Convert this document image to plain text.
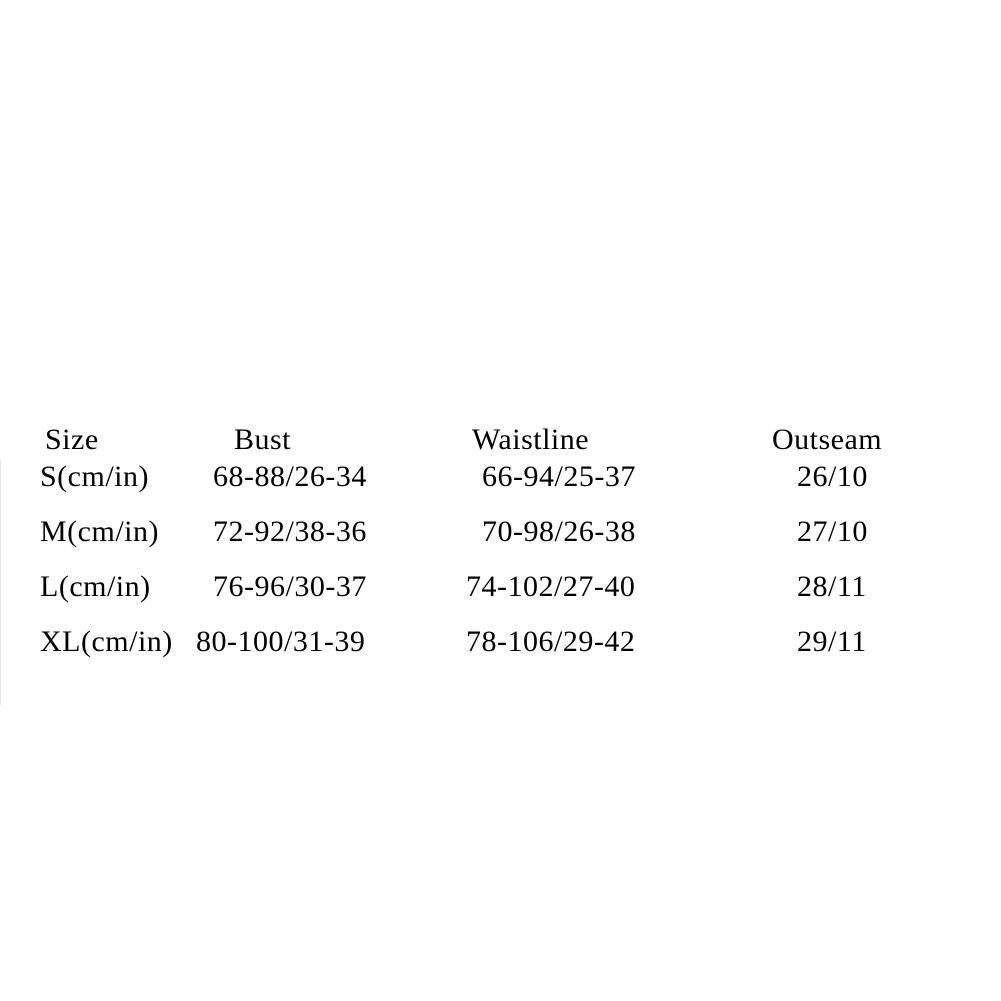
Size	Bust	Waistline	Outseam
S(cm/in) 68-88/26-34	66-94/25-37	26/10
M(cm/in) 72-92/38-36	70-98/26-38	27/10
L(cm/in) 76-96/30-37	74-102/27-40	28/11
XL(cm/in) 80-100/31-39	78-106/29-42	29/11
